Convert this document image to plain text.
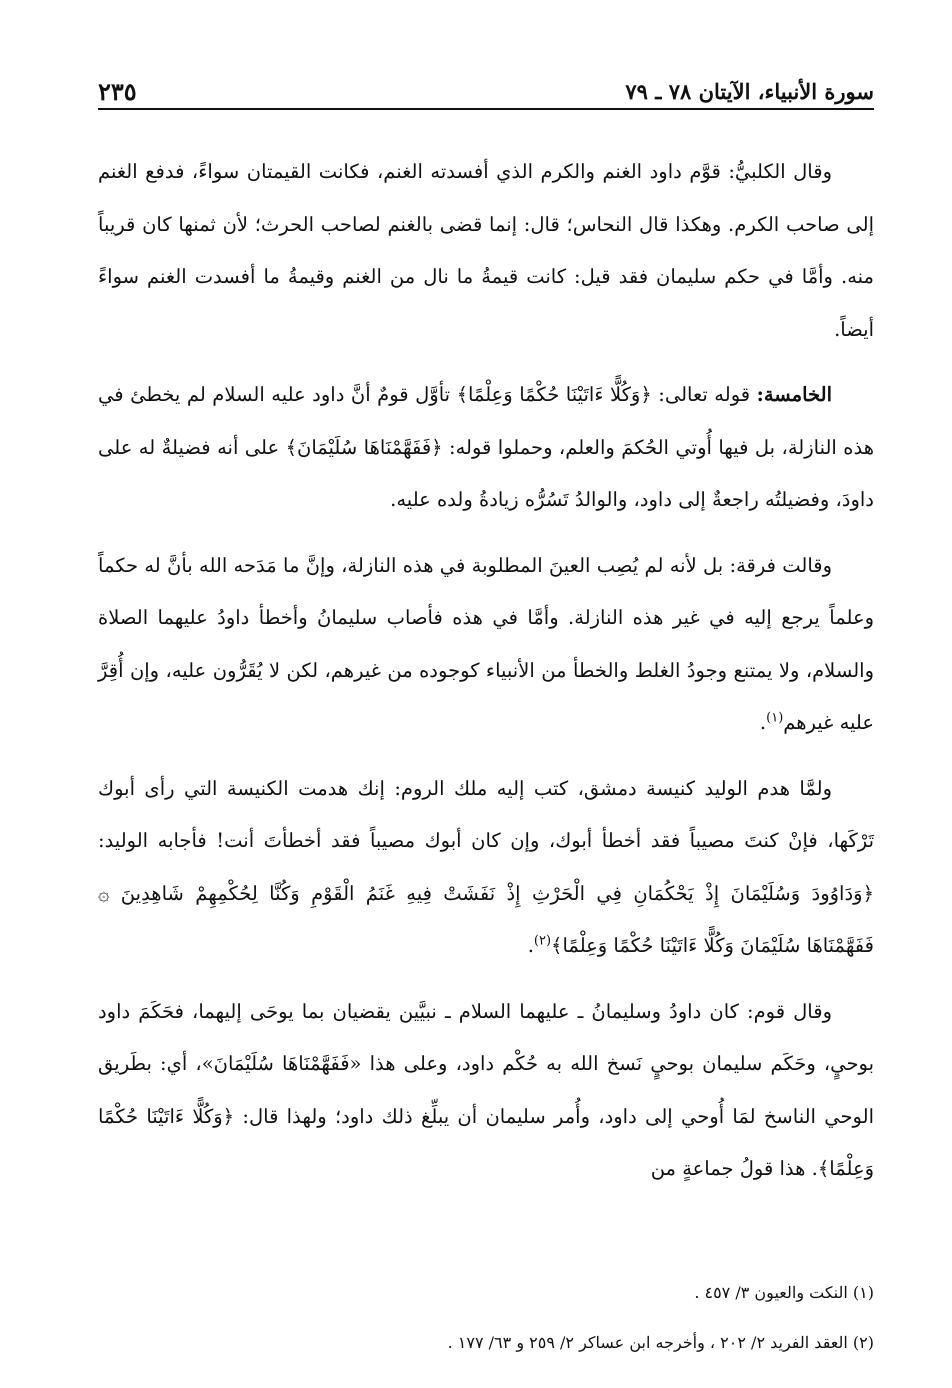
سورة الأنبياء، الآيتان ٧٨ ـ ٧٩
٢٣٥

وقال الكلبيُّ: قوَّم داود الغنم والكرم الذي أفسدته الغنم، فكانت القيمتان سواءً، فدفع الغنم إلى صاحب الكرم. وهكذا قال النحاس؛ قال: إنما قضى بالغنم لصاحب الحرث؛ لأن ثمنها كان قريباً منه. وأمَّا في حكم سليمان فقد قيل: كانت قيمةُ ما نال من الغنم وقيمةُ ما أفسدت الغنم سواءً أيضاً.

الخامسة: قوله تعالى: ﴿وَكُلًّا ءَاتَيْنَا حُكْمًا وَعِلْمًا﴾ تأوَّل قومٌ أنَّ داود عليه السلام لم يخطئ في هذه النازلة، بل فيها أُوتي الحُكمَ والعلم، وحملوا قوله: ﴿فَفَهَّمْنَاهَا سُلَيْمَانَ﴾ على أنه فضيلةٌ له على داودَ، وفضيلتُه راجعةٌ إلى داود، والوالدُ تَسُرُّه زيادةُ ولده عليه.

وقالت فرقة: بل لأنه لم يُصِب العينَ المطلوبة في هذه النازلة، وإنَّ ما مَدَحه الله بأنَّ له حكماً وعلماً يرجع إليه في غير هذه النازلة. وأمَّا في هذه فأصاب سليمانُ وأخطأ داودُ عليهما الصلاة والسلام، ولا يمتنع وجودُ الغلط والخطأ من الأنبياء كوجوده من غيرهم، لكن لا يُقَرُّون عليه، وإن أُقِرَّ عليه غيرهم$^{(١)}$.

ولمَّا هدم الوليد كنيسة دمشق، كتب إليه ملك الروم: إنك هدمت الكنيسة التي رأى أبوك تَرْكَها، فإنْ كنتَ مصيباً فقد أخطأ أبوك، وإن كان أبوك مصيباً فقد أخطأتَ أنت! فأجابه الوليد: ﴿وَدَاوُودَ وَسُلَيْمَانَ إِذْ يَحْكُمَانِ فِي الْحَرْثِ إِذْ نَفَشَتْ فِيهِ غَنَمُ الْقَوْمِ وَكُنَّا لِحُكْمِهِمْ شَاهِدِينَ ۞ فَفَهَّمْنَاهَا سُلَيْمَانَ وَكُلًّا ءَاتَيْنَا حُكْمًا وَعِلْمًا﴾$^{(٢)}$.

وقال قوم: كان داودُ وسليمانُ ـ عليهما السلام ـ نبيَّين يقضيان بما يوحَى إليهما، فحَكَمَ داود بوحيٍ، وحَكَم سليمان بوحيٍ نَسخ الله به حُكْم داود، وعلى هذا «فَفَهَّمْنَاهَا سُلَيْمَانَ»، أي: بطَريق الوحي الناسخ لمَا أُوحي إلى داود، وأُمر سليمان أن يبلِّغ ذلك داود؛ ولهذا قال: ﴿وَكُلًّا ءَاتَيْنَا حُكْمًا وَعِلْمًا﴾. هذا قولُ جماعةٍ من

(١) النكت والعيون ٣/ ٤٥٧ .
(٢) العقد الفريد ٢/ ٢٠٢ ، وأخرجه ابن عساكر ٢/ ٢٥٩ و ٦٣/ ١٧٧ .
